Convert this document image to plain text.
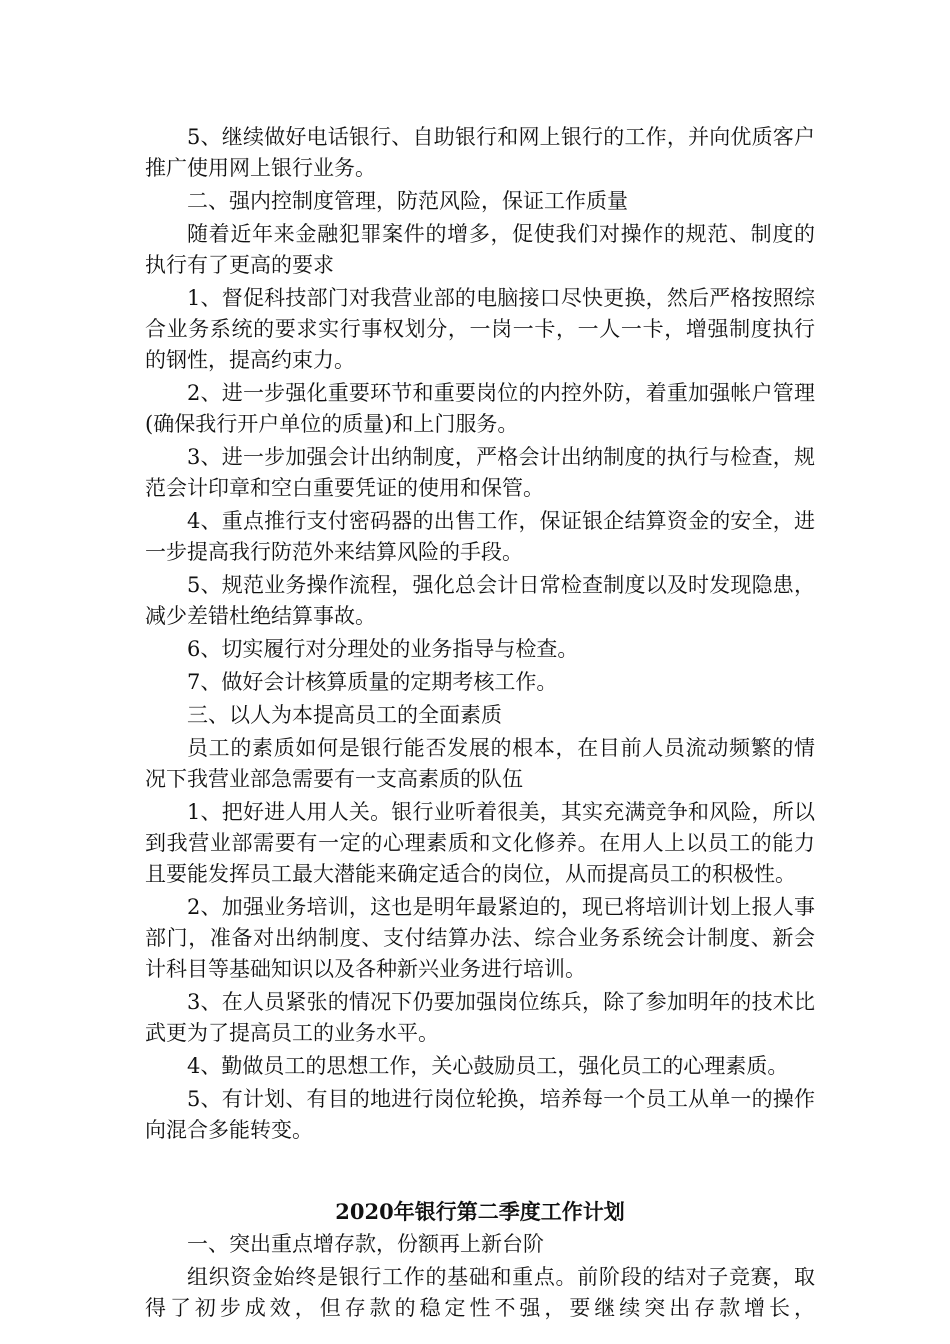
5、继续做好电话银行、自助银行和网上银行的工作，并向优质客户推广使用网上银行业务。

二、强内控制度管理，防范风险，保证工作质量

随着近年来金融犯罪案件的增多，促使我们对操作的规范、制度的执行有了更高的要求

1、督促科技部门对我营业部的电脑接口尽快更换，然后严格按照综合业务系统的要求实行事权划分，一岗一卡，一人一卡，增强制度执行的钢性，提高约束力。

2、进一步强化重要环节和重要岗位的内控外防，着重加强帐户管理(确保我行开户单位的质量)和上门服务。

3、进一步加强会计出纳制度，严格会计出纳制度的执行与检查，规范会计印章和空白重要凭证的使用和保管。

4、重点推行支付密码器的出售工作，保证银企结算资金的安全，进一步提高我行防范外来结算风险的手段。

5、规范业务操作流程，强化总会计日常检查制度以及时发现隐患，减少差错杜绝结算事故。

6、切实履行对分理处的业务指导与检查。

7、做好会计核算质量的定期考核工作。

三、以人为本提高员工的全面素质

员工的素质如何是银行能否发展的根本，在目前人员流动频繁的情况下我营业部急需要有一支高素质的队伍

1、把好进人用人关。银行业听着很美，其实充满竞争和风险，所以到我营业部需要有一定的心理素质和文化修养。在用人上以员工的能力且要能发挥员工最大潜能来确定适合的岗位，从而提高员工的积极性。

2、加强业务培训，这也是明年最紧迫的，现已将培训计划上报人事部门，准备对出纳制度、支付结算办法、综合业务系统会计制度、新会计科目等基础知识以及各种新兴业务进行培训。

3、在人员紧张的情况下仍要加强岗位练兵，除了参加明年的技术比武更为了提高员工的业务水平。

4、勤做员工的思想工作，关心鼓励员工，强化员工的心理素质。

5、有计划、有目的地进行岗位轮换，培养每一个员工从单一的操作向混合多能转变。

2020年银行第二季度工作计划

一、突出重点增存款，份额再上新台阶

组织资金始终是银行工作的基础和重点。前阶段的结对子竞赛，取得了初步成效，但存款的稳定性不强，要继续突出存款增长，
